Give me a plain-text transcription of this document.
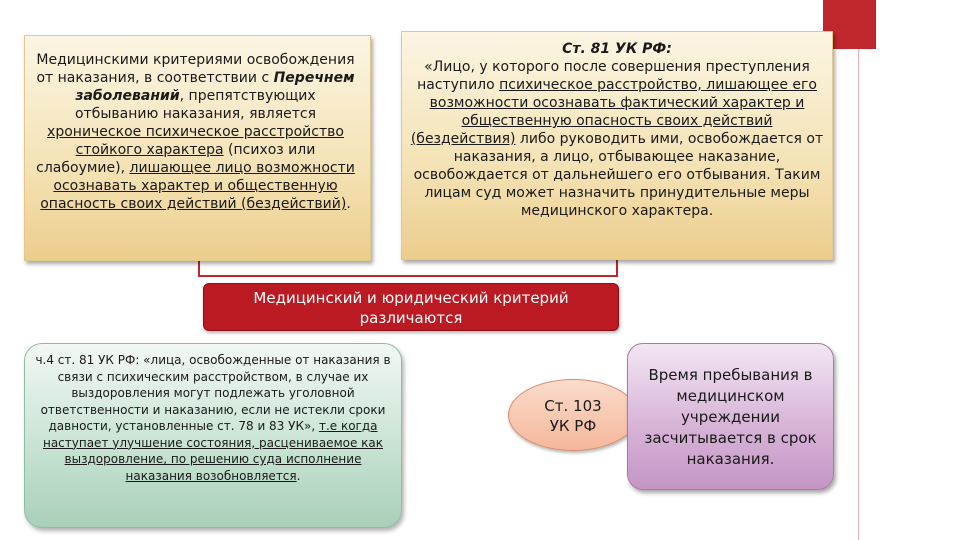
Медицинскими критериями освобождения от наказания, в соответствии с Перечнем заболеваний, препятствующих отбыванию наказания, является хроническое психическое расстройство стойкого характера (психоз или слабоумие), лишающее лицо возможности осознавать характер и общественную опасность своих действий (бездействий).
Ст. 81 УК РФ:
«Лицо, у которого после совершения преступления наступило психическое расстройство, лишающее его возможности осознавать фактический характер и общественную опасность своих действий (бездействия) либо руководить ими, освобождается от наказания, а лицо, отбывающее наказание, освобождается от дальнейшего его отбывания. Таким лицам суд может назначить принудительные меры медицинского характера.
Медицинский и юридический критерий различаются
ч.4 ст. 81 УК РФ: «лица, освобожденные от наказания в связи с психическим расстройством, в случае их выздоровления могут подлежать уголовной ответственности и наказанию, если не истекли сроки давности, установленные ст. 78 и 83 УК», т.е когда наступает улучшение состояния, расцениваемое как выздоровление, по решению суда исполнение наказания возобновляется.
Ст. 103
УК РФ
Время пребывания в медицинском учреждении засчитывается в срок наказания.
